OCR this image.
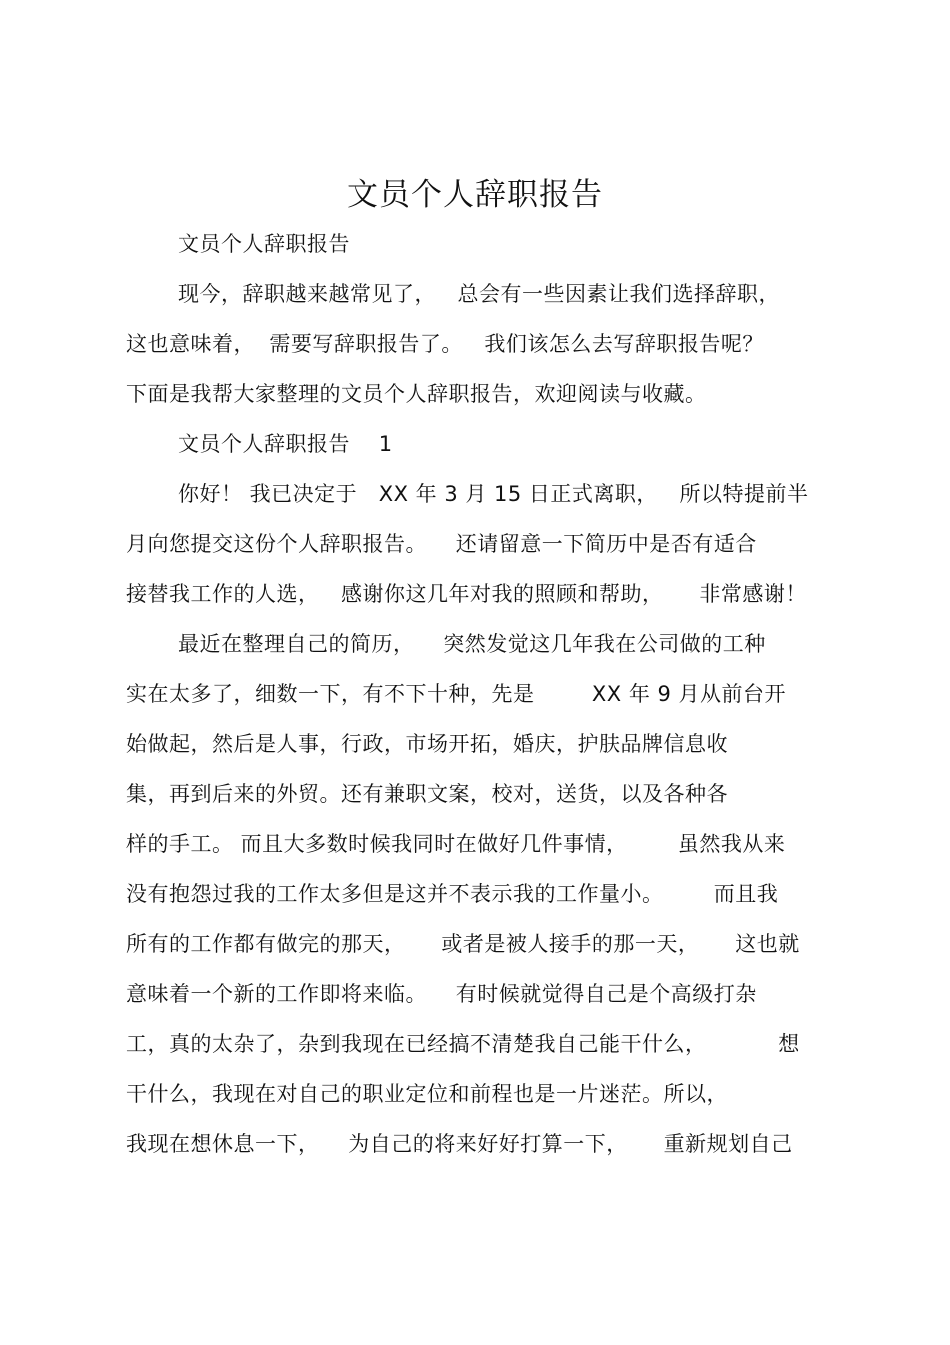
文员个人辞职报告
文员个人辞职报告
现今，辞职越来越常见了，   总会有一些因素让我们选择辞职，
这也意味着，  需要写辞职报告了。   我们该怎么去写辞职报告呢？
下面是我帮大家整理的文员个人辞职报告，欢迎阅读与收藏。
文员个人辞职报告    1
你好！ 我已决定于   XX 年 3 月 15 日正式离职，   所以特提前半
月向您提交这份个人辞职报告。    还请留意一下简历中是否有适合
接替我工作的人选，   感谢你这几年对我的照顾和帮助，     非常感谢！
最近在整理自己的简历，    突然发觉这几年我在公司做的工种
实在太多了，细数一下，有不下十种，先是        XX 年 9 月从前台开
始做起，然后是人事，行政，市场开拓，婚庆，护肤品牌信息收
集，再到后来的外贸。还有兼职文案，校对，送货，以及各种各
样的手工。 而且大多数时候我同时在做好几件事情，       虽然我从来
没有抱怨过我的工作太多但是这并不表示我的工作量小。       而且我
所有的工作都有做完的那天，     或者是被人接手的那一天，     这也就
意味着一个新的工作即将来临。    有时候就觉得自己是个高级打杂
工，真的太杂了，杂到我现在已经搞不清楚我自己能干什么，          想
干什么，我现在对自己的职业定位和前程也是一片迷茫。所以，
我现在想休息一下，    为自己的将来好好打算一下，     重新规划自己
